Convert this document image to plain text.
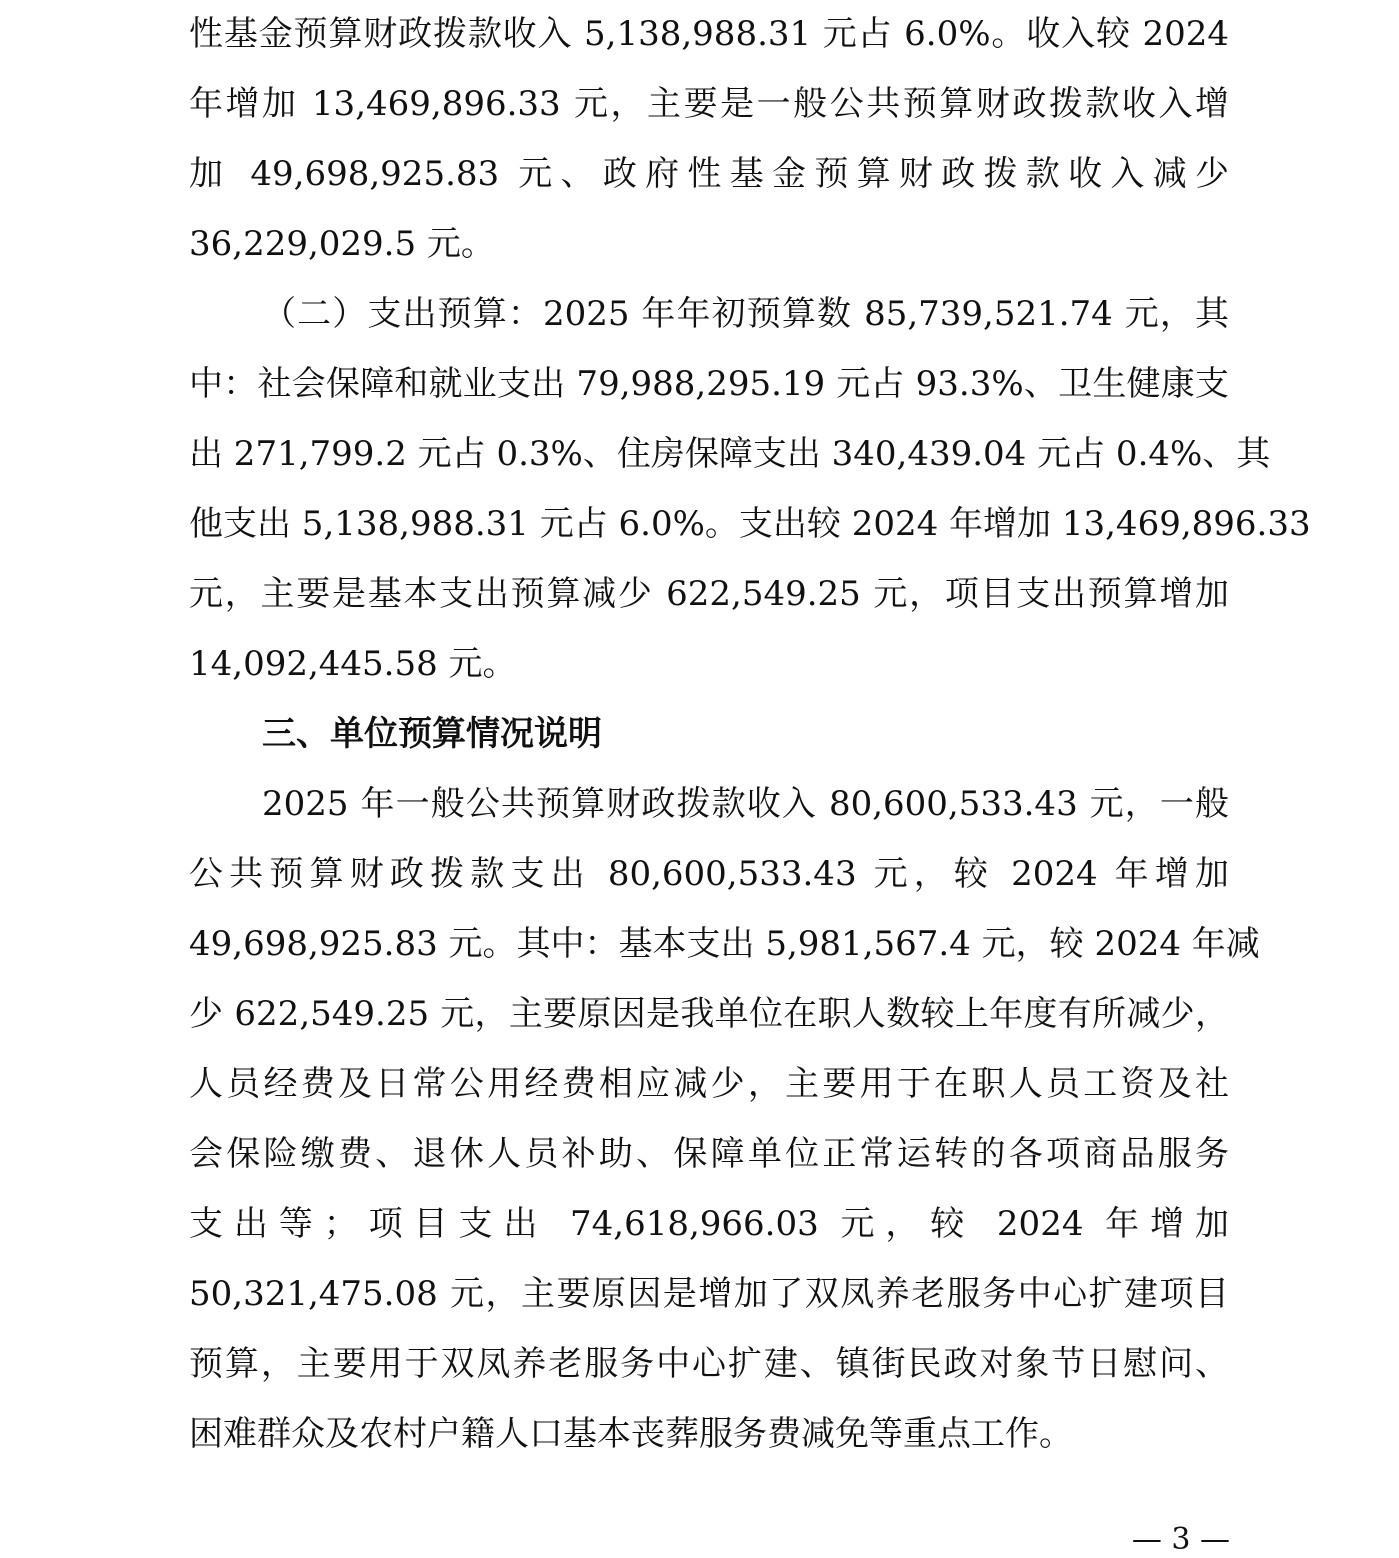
性基金预算财政拨款收入 5,138,988.31 元占 6.0%。收入较 2024

年增加 13,469,896.33 元，主要是一般公共预算财政拨款收入增

加 49,698,925.83 元、政府性基金预算财政拨款收入减少

36,229,029.5 元。

（二）支出预算：2025 年年初预算数 85,739,521.74 元，其

中：社会保障和就业支出 79,988,295.19 元占 93.3%、卫生健康支

出 271,799.2 元占 0.3%、住房保障支出 340,439.04 元占 0.4%、其

他支出 5,138,988.31 元占 6.0%。支出较 2024 年增加 13,469,896.33

元，主要是基本支出预算减少 622,549.25 元，项目支出预算增加

14,092,445.58 元。

三、单位预算情况说明

2025 年一般公共预算财政拨款收入 80,600,533.43 元，一般

公共预算财政拨款支出 80,600,533.43 元，较 2024 年增加

49,698,925.83 元。其中：基本支出 5,981,567.4 元，较 2024 年减

少 622,549.25 元，主要原因是我单位在职人数较上年度有所减少，

人员经费及日常公用经费相应减少，主要用于在职人员工资及社

会保险缴费、退休人员补助、保障单位正常运转的各项商品服务

支出等；项目支出 74,618,966.03 元，较 2024 年增加

50,321,475.08 元，主要原因是增加了双凤养老服务中心扩建项目

预算，主要用于双凤养老服务中心扩建、镇街民政对象节日慰问、

困难群众及农村户籍人口基本丧葬服务费减免等重点工作。

— 3 —
